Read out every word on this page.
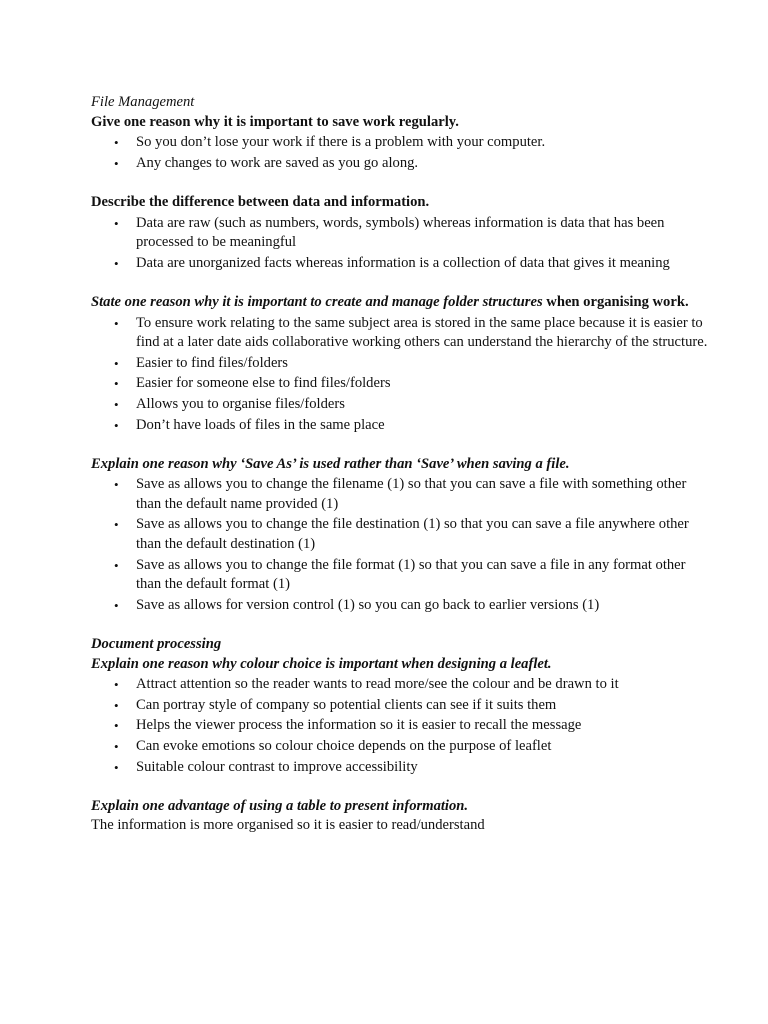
File Management

Give one reason why it is important to save work regularly.

• So you don’t lose your work if there is a problem with your computer.
• Any changes to work are saved as you go along.

Describe the difference between data and information.

• Data are raw (such as numbers, words, symbols) whereas information is data that has been processed to be meaningful
• Data are unorganized facts whereas information is a collection of data that gives it meaning

State one reason why it is important to create and manage folder structures when organising work.

• To ensure work relating to the same subject area is stored in the same place because it is easier to find at a later date aids collaborative working others can understand the hierarchy of the structure.
• Easier to find files/folders
• Easier for someone else to find files/folders
• Allows you to organise files/folders
• Don’t have loads of files in the same place

Explain one reason why ‘Save As’ is used rather than ‘Save’ when saving a file.

• Save as allows you to change the filename (1) so that you can save a file with something other than the default name provided (1)
• Save as allows you to change the file destination (1) so that you can save a file anywhere other than the default destination (1)
• Save as allows you to change the file format (1) so that you can save a file in any format other than the default format (1)
• Save as allows for version control (1) so you can go back to earlier versions (1)

Document processing

Explain one reason why colour choice is important when designing a leaflet.

• Attract attention so the reader wants to read more/see the colour and be drawn to it
• Can portray style of company so potential clients can see if it suits them
• Helps the viewer process the information so it is easier to recall the message
• Can evoke emotions so colour choice depends on the purpose of leaflet
• Suitable colour contrast to improve accessibility

Explain one advantage of using a table to present information.

The information is more organised so it is easier to read/understand
